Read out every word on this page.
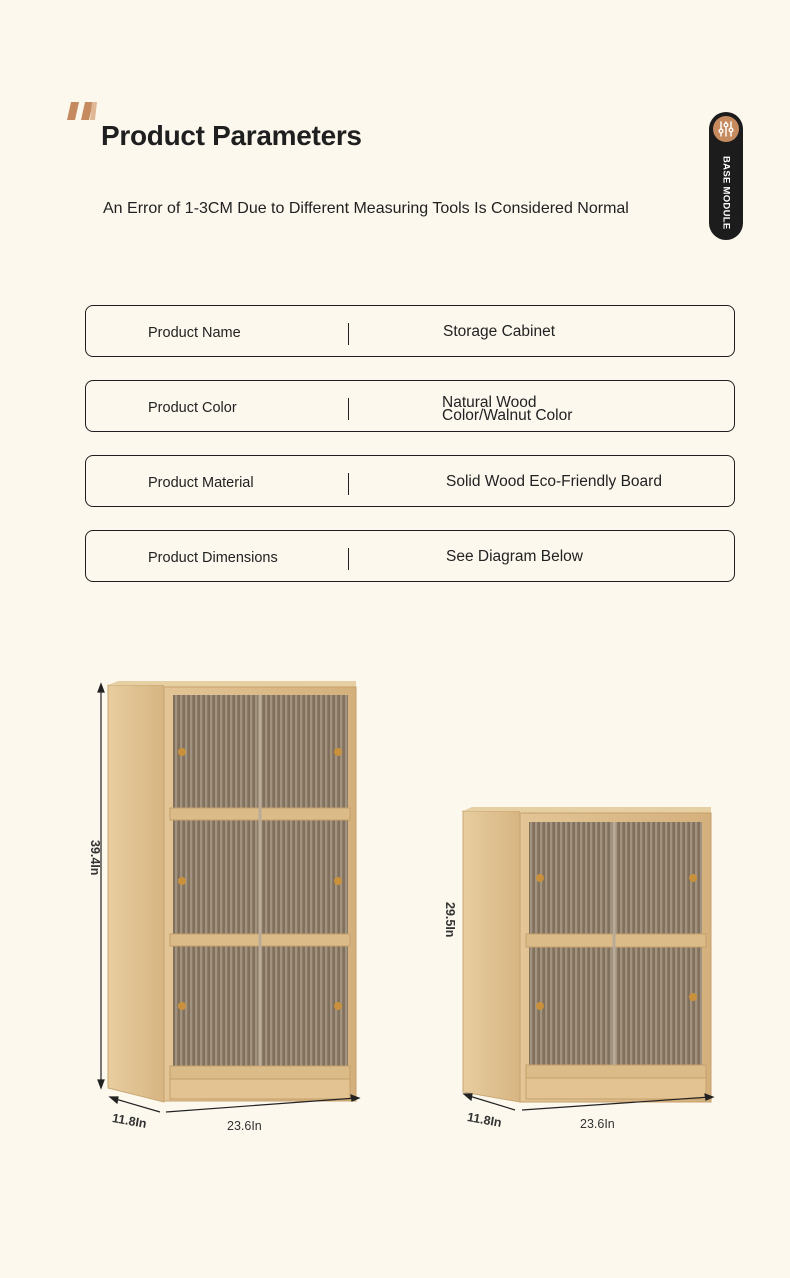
Product Parameters

An Error of 1-3CM Due to Different Measuring Tools Is Considered Normal	BASE MODULE
Product Name	Storage Cabinet
Product Color	Natural Wood
Color/Walnut Color
Product Material	Solid Wood Eco-Friendly Board
Product Dimensions	See Diagram Below
39.4In
11.8In	23.6In
29.5In
11.8In	23.6In
